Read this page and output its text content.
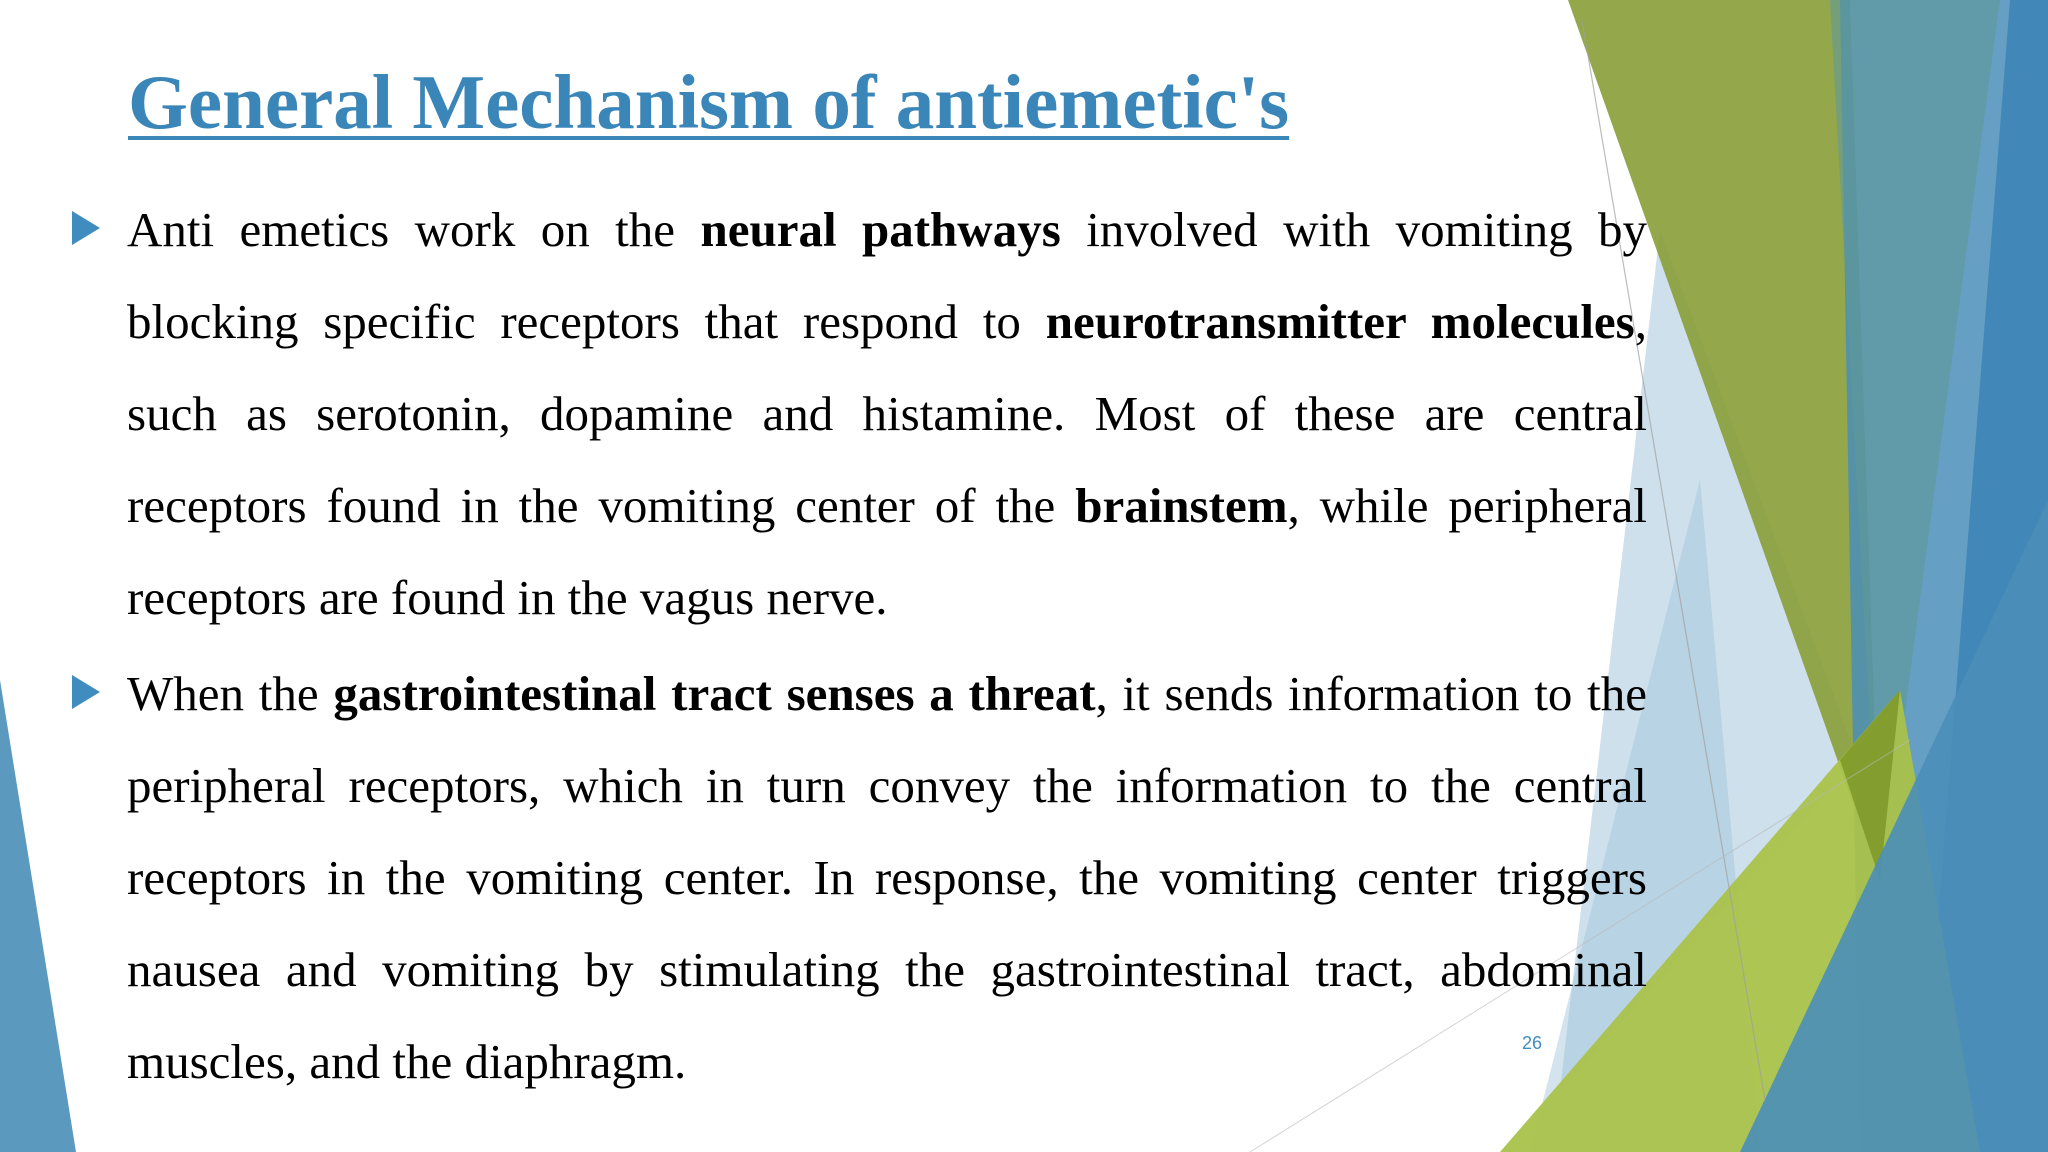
General Mechanism of antiemetic's

Anti emetics work on the neural pathways involved with vomiting by blocking specific receptors that respond to neurotransmitter molecules, such as serotonin, dopamine and histamine. Most of these are central receptors found in the vomiting center of the brainstem, while peripheral receptors are found in the vagus nerve.

When the gastrointestinal tract senses a threat, it sends information to the peripheral receptors, which in turn convey the information to the central receptors in the vomiting center. In response, the vomiting center triggers nausea and vomiting by stimulating the gastrointestinal tract, abdominal muscles, and the diaphragm.	26
